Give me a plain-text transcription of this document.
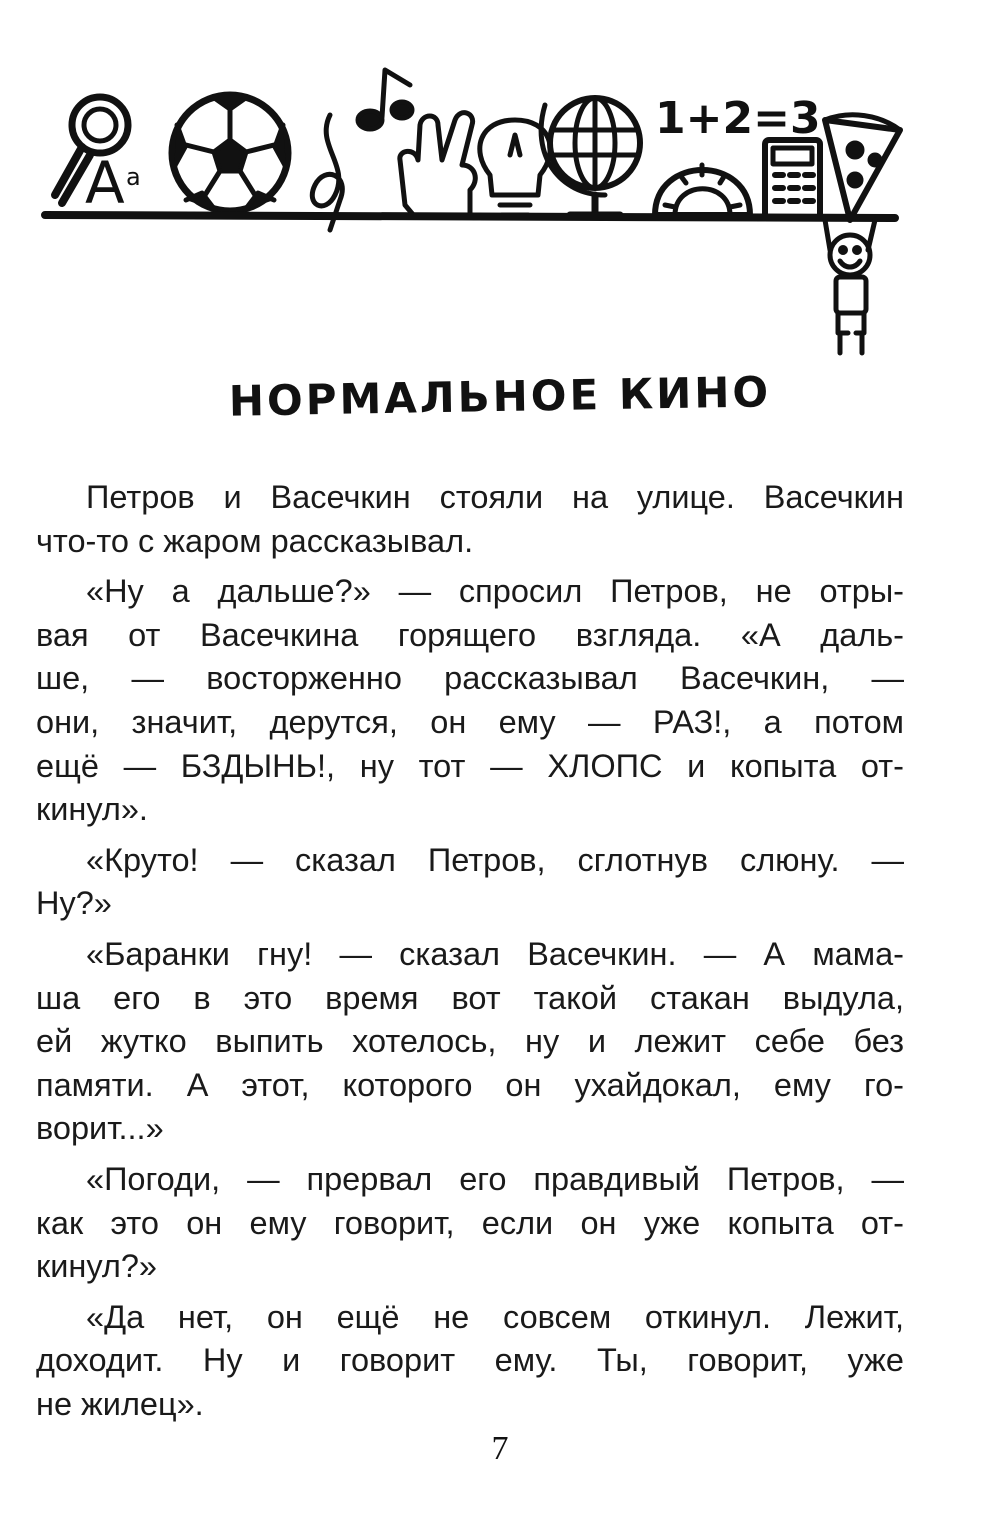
А a
1+2=3
НОРМАЛЬНОЕ КИНО
Петров и Васечкин стояли на улице. Васечкин
что-то с жаром рассказывал.
«Ну а дальше?» — спросил Петров, не отры-
вая от Васечкина горящего взгляда. «А даль-
ше, — восторженно рассказывал Васечкин, —
они, значит, дерутся, он ему — РАЗ!, а потом
ещё — БЗДЫНЬ!, ну тот — ХЛОПС и копыта от-
кинул».
«Круто! — сказал Петров, сглотнув слюну. —
Ну?»
«Баранки гну! — сказал Васечкин. — А мама-
ша его в это время вот такой стакан выдула,
ей жутко выпить хотелось, ну и лежит себе без
памяти. А этот, которого он ухайдокал, ему го-
ворит...»
«Погоди, — прервал его правдивый Петров, —
как это он ему говорит, если он уже копыта от-
кинул?»
«Да нет, он ещё не совсем откинул. Лежит,
доходит. Ну и говорит ему. Ты, говорит, уже
не жилец».
7
